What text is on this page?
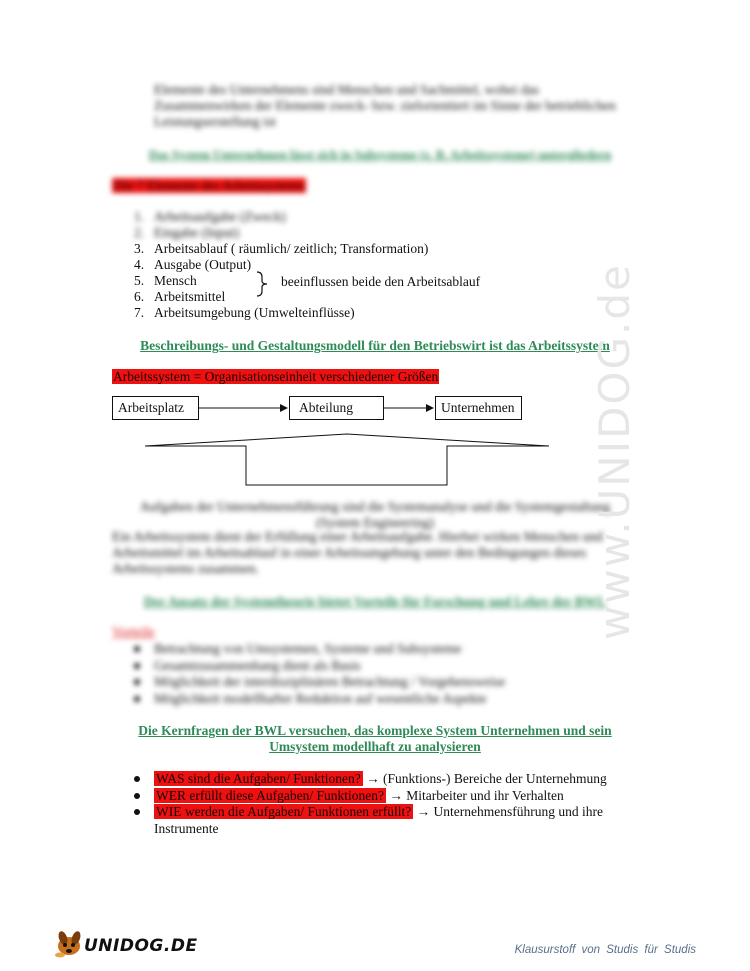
Elemente des Unternehmens sind Menschen und Sachmittel, wobei das Zusammenwirken der Elemente zweck- bzw. zielorientiert im Sinne der betrieblichen Leistungserstellung ist
Das System Unternehmen lässt sich in Subsysteme (z. B. Arbeitssysteme) untergliedern
Die 7 Elemente des Arbeitssystems
1. Arbeitsaufgabe (Zweck)
2. Eingabe (Input)
3. Arbeitsablauf ( räumlich/ zeitlich; Transformation)
4. Ausgabe (Output)
5. Mensch
6. Arbeitsmittel
7. Arbeitsumgebung (Umwelteinflüsse)
beeinflussen beide den Arbeitsablauf
Beschreibungs- und Gestaltungsmodell für den Betriebswirt ist das Arbeitssystem
Arbeitssystem = Organisationseinheit verschiedener Größen
Arbeitsplatz	Abteilung	Unternehmen
Aufgaben der Unternehmensführung sind die Systemanalyse und die Systemgestaltung (System Engineering)
Ein Arbeitssystem dient der Erfüllung einer Arbeitsaufgabe. Hierbei wirken Menschen und Arbeitsmittel im Arbeitsablauf in einer Arbeitsumgebung unter den Bedingungen dieses Arbeitssystems zusammen.
Der Ansatz der Systemtheorie bietet Vorteile für Forschung und Lehre der BWL
Vorteile
Betrachtung von Umsystemen, Systeme und Subsysteme
Gesamtzusammenhang dient als Basis
Möglichkeit der interdisziplinären Betrachtung / Vorgehensweise
Möglichkeit modellhafter Reduktion auf wesentliche Aspekte
Die Kernfragen der BWL versuchen, das komplexe System Unternehmen und sein
Umsystem modellhaft zu analysieren
WAS sind die Aufgaben/ Funktionen? → (Funktions-) Bereiche der Unternehmung
WER erfüllt diese Aufgaben/ Funktionen? → Mitarbeiter und ihr Verhalten
WIE werden die Aufgaben/ Funktionen erfüllt? → Unternehmensführung und ihre
Instrumente
www.UNIDOG.de
UNIDOG.DE	Klausurstoff von Studis für Studis
